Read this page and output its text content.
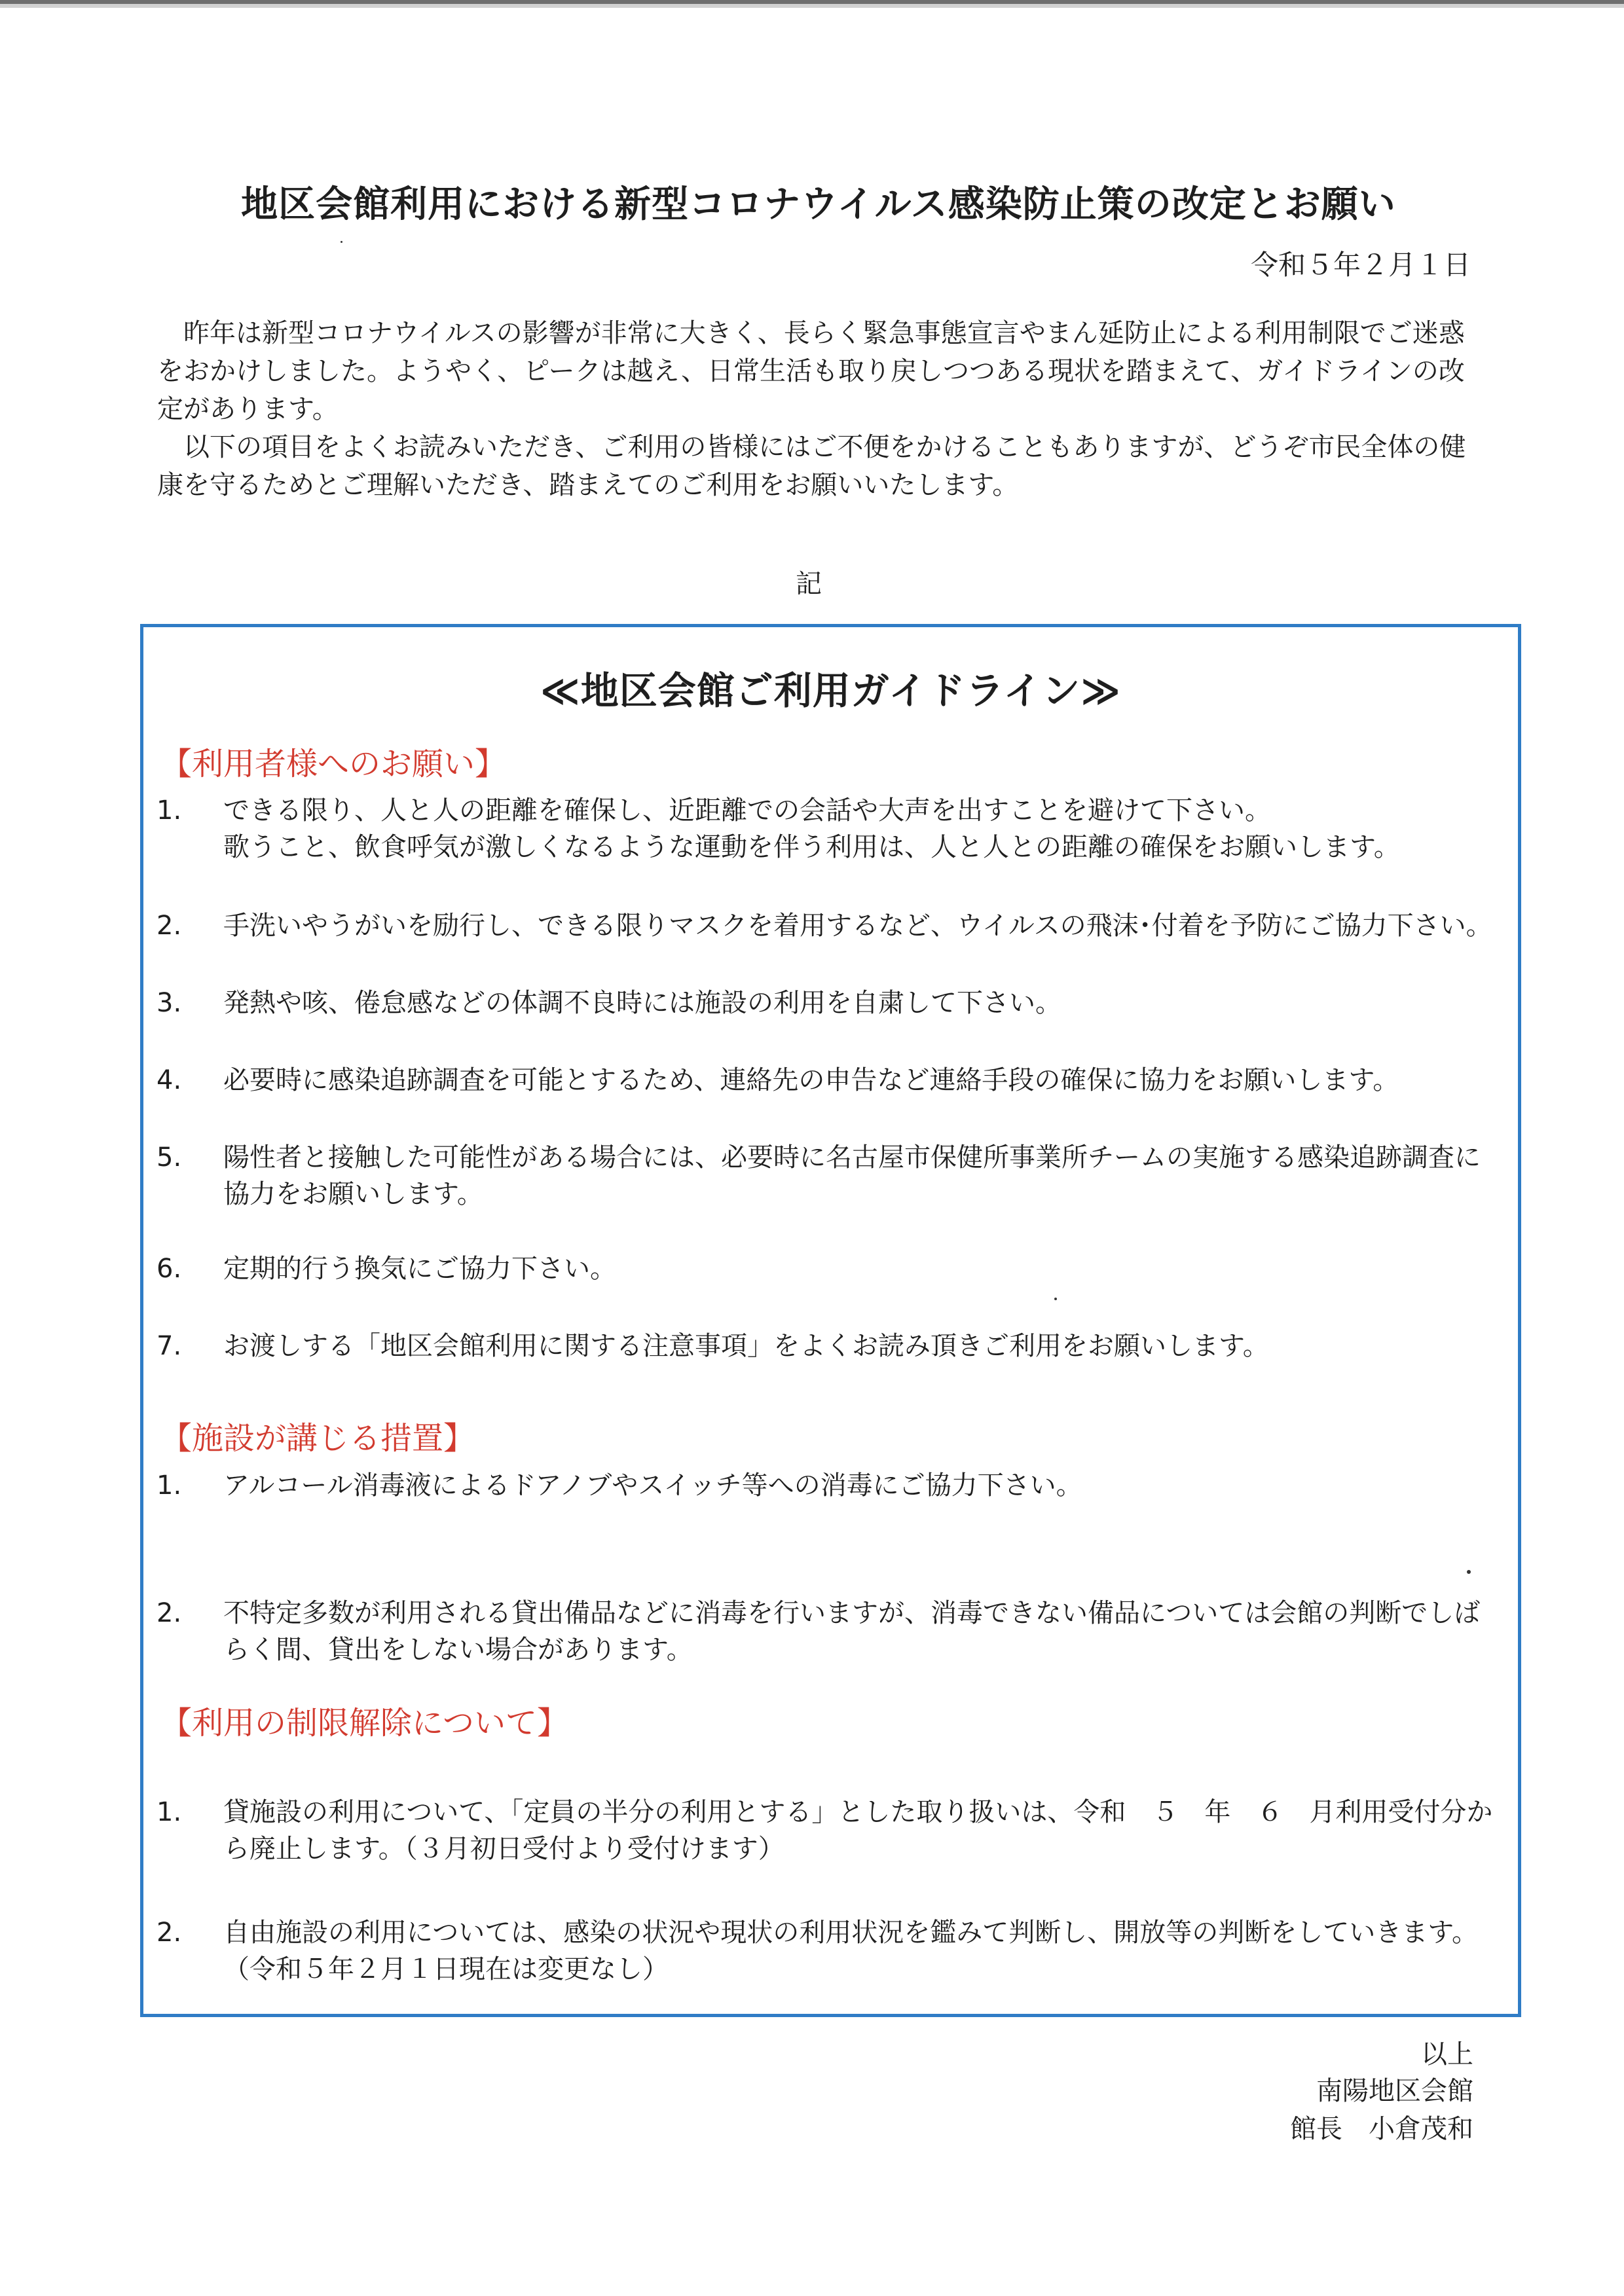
地区会館利用における新型コロナウイルス感染防止策の改定とお願い
令和５年２月１日

昨年は新型コロナウイルスの影響が非常に大きく、長らく緊急事態宣言やまん延防止による利用制限でご迷惑をおかけしました。ようやく、ピークは越え、日常生活も取り戻しつつある現状を踏まえて、ガイドラインの改定があります。

以下の項目をよくお読みいただき、ご利用の皆様にはご不便をかけることもありますが、どうぞ市民全体の健康を守るためとご理解いただき、踏まえてのご利用をお願いいたします。

記
≪地区会館ご利用ガイドライン≫
【利用者様へのお願い】
1.	できる限り、人と人の距離を確保し、近距離での会話や大声を出すことを避けて下さい。
歌うこと、飲食呼気が激しくなるような運動を伴う利用は、人と人との距離の確保をお願いします。
2.	手洗いやうがいを励行し、できる限りマスクを着用するなど、ウイルスの飛沫･付着を予防にご協力下さい。
3.	発熱や咳、倦怠感などの体調不良時には施設の利用を自粛して下さい。
4.	必要時に感染追跡調査を可能とするため、連絡先の申告など連絡手段の確保に協力をお願いします。
5.	陽性者と接触した可能性がある場合には、必要時に名古屋市保健所事業所チームの実施する感染追跡調査に協力をお願いします。
6.	定期的行う換気にご協力下さい。
7.	お渡しする「地区会館利用に関する注意事項」をよくお読み頂きご利用をお願いします。
【施設が講じる措置】
1.	アルコール消毒液によるドアノブやスイッチ等への消毒にご協力下さい。
2.	不特定多数が利用される貸出備品などに消毒を行いますが、消毒できない備品については会館の判断でしばらく間、貸出をしない場合があります。
【利用の制限解除について】
1.	貸施設の利用について、「定員の半分の利用とする」とした取り扱いは、令和　５　年　６　月利用受付分から廃止します。（３月初日受付より受付けます）
2.	自由施設の利用については、感染の状況や現状の利用状況を鑑みて判断し、開放等の判断をしていきます。
（令和５年２月１日現在は変更なし）
以上
南陽地区会館
館長　小倉茂和
